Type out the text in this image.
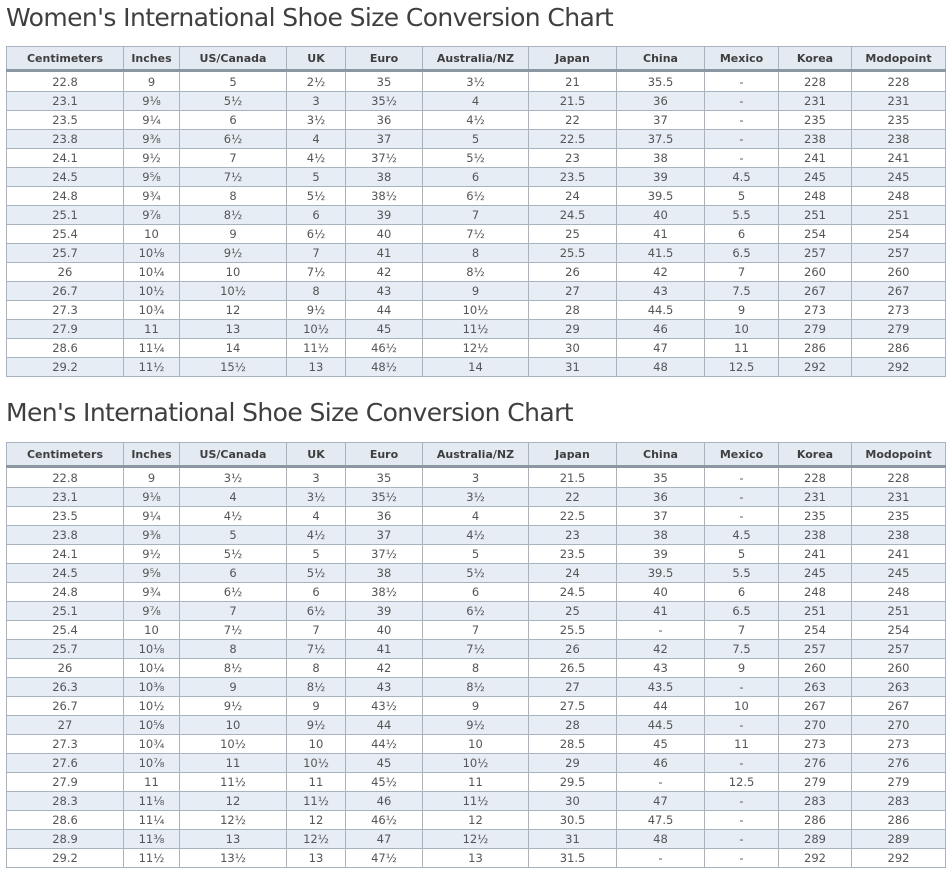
Women's International Shoe Size Conversion Chart
Centimeters	Inches	US/Canada	UK	Euro	Australia/NZ	Japan	China	Mexico	Korea	Modopoint
22.8	9	5	2½	35	3½	21	35.5	-	228	228
23.1	9⅛	5½	3	35½	4	21.5	36	-	231	231
23.5	9¼	6	3½	36	4½	22	37	-	235	235
23.8	9⅜	6½	4	37	5	22.5	37.5	-	238	238
24.1	9½	7	4½	37½	5½	23	38	-	241	241
24.5	9⅝	7½	5	38	6	23.5	39	4.5	245	245
24.8	9¾	8	5½	38½	6½	24	39.5	5	248	248
25.1	9⅞	8½	6	39	7	24.5	40	5.5	251	251
25.4	10	9	6½	40	7½	25	41	6	254	254
25.7	10⅛	9½	7	41	8	25.5	41.5	6.5	257	257
26	10¼	10	7½	42	8½	26	42	7	260	260
26.7	10½	10½	8	43	9	27	43	7.5	267	267
27.3	10¾	12	9½	44	10½	28	44.5	9	273	273
27.9	11	13	10½	45	11½	29	46	10	279	279
28.6	11¼	14	11½	46½	12½	30	47	11	286	286
29.2	11½	15½	13	48½	14	31	48	12.5	292	292
Men's International Shoe Size Conversion Chart
Centimeters	Inches	US/Canada	UK	Euro	Australia/NZ	Japan	China	Mexico	Korea	Modopoint
22.8	9	3½	3	35	3	21.5	35	-	228	228
23.1	9⅛	4	3½	35½	3½	22	36	-	231	231
23.5	9¼	4½	4	36	4	22.5	37	-	235	235
23.8	9⅜	5	4½	37	4½	23	38	4.5	238	238
24.1	9½	5½	5	37½	5	23.5	39	5	241	241
24.5	9⅝	6	5½	38	5½	24	39.5	5.5	245	245
24.8	9¾	6½	6	38½	6	24.5	40	6	248	248
25.1	9⅞	7	6½	39	6½	25	41	6.5	251	251
25.4	10	7½	7	40	7	25.5	-	7	254	254
25.7	10⅛	8	7½	41	7½	26	42	7.5	257	257
26	10¼	8½	8	42	8	26.5	43	9	260	260
26.3	10⅜	9	8½	43	8½	27	43.5	-	263	263
26.7	10½	9½	9	43½	9	27.5	44	10	267	267
27	10⅝	10	9½	44	9½	28	44.5	-	270	270
27.3	10¾	10½	10	44½	10	28.5	45	11	273	273
27.6	10⅞	11	10½	45	10½	29	46	-	276	276
27.9	11	11½	11	45½	11	29.5	-	12.5	279	279
28.3	11⅛	12	11½	46	11½	30	47	-	283	283
28.6	11¼	12½	12	46½	12	30.5	47.5	-	286	286
28.9	11⅜	13	12½	47	12½	31	48	-	289	289
29.2	11½	13½	13	47½	13	31.5	-	-	292	292
